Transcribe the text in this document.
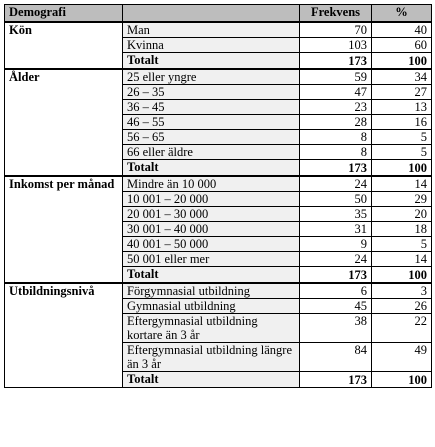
Demografi		Frekvens	%
Kön	Man	70	40
	Kvinna	103	60
	Totalt	173	100
Ålder	25 eller yngre	59	34
	26 – 35	47	27
	36 – 45	23	13
	46 – 55	28	16
	56 – 65	8	5
	66 eller äldre	8	5
	Totalt	173	100
Inkomst per månad	Mindre än 10 000	24	14
	10 001 – 20 000	50	29
	20 001 – 30 000	35	20
	30 001 – 40 000	31	18
	40 001 – 50 000	9	5
	50 001 eller mer	24	14
	Totalt	173	100
Utbildningsnivå	Förgymnasial utbildning	6	3
	Gymnasial utbildning	45	26
	Eftergymnasial utbildning kortare än 3 år	38	22
	Eftergymnasial utbildning längre än 3 år	84	49
	Totalt	173	100
